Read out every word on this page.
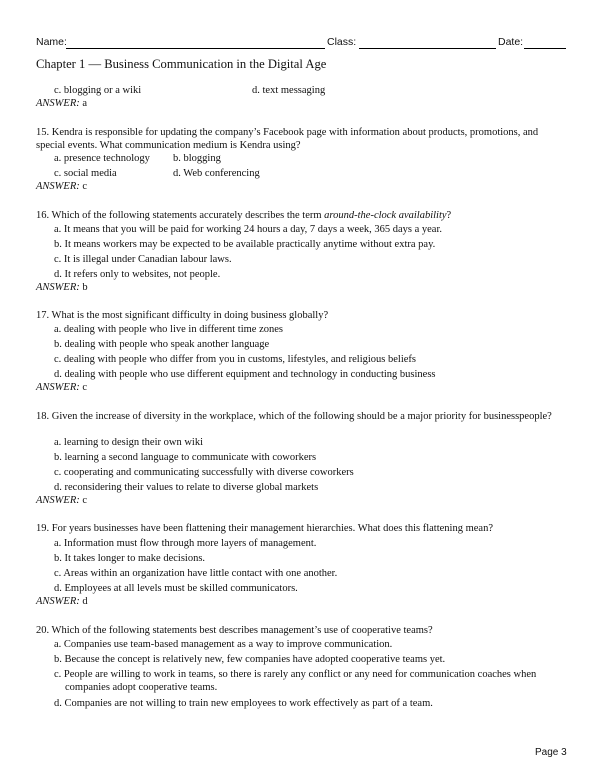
Name:	Class:	Date:
Chapter 1 — Business Communication in the Digital Age
c. blogging or a wiki	d. text messaging
ANSWER: a
15. Kendra is responsible for updating the company’s Facebook page with information about products, promotions, and special events. What communication medium is Kendra using?
a. presence technology b. blogging
c. social media	d. Web conferencing
ANSWER: c
16. Which of the following statements accurately describes the term around-the-clock availability?
a. It means that you will be paid for working 24 hours a day, 7 days a week, 365 days a year.
b. It means workers may be expected to be available practically anytime without extra pay.
c. It is illegal under Canadian labour laws.
d. It refers only to websites, not people.
ANSWER: b
17. What is the most significant difficulty in doing business globally?
a. dealing with people who live in different time zones
b. dealing with people who speak another language
c. dealing with people who differ from you in customs, lifestyles, and religious beliefs
d. dealing with people who use different equipment and technology in conducting business
ANSWER: c
18. Given the increase of diversity in the workplace, which of the following should be a major priority for businesspeople?
a. learning to design their own wiki
b. learning a second language to communicate with coworkers
c. cooperating and communicating successfully with diverse coworkers
d. reconsidering their values to relate to diverse global markets
ANSWER: c
19. For years businesses have been flattening their management hierarchies. What does this flattening mean?
a. Information must flow through more layers of management.
b. It takes longer to make decisions.
c. Areas within an organization have little contact with one another.
d. Employees at all levels must be skilled communicators.
ANSWER: d
20. Which of the following statements best describes management’s use of cooperative teams?
a. Companies use team-based management as a way to improve communication.
b. Because the concept is relatively new, few companies have adopted cooperative teams yet.
c. People are willing to work in teams, so there is rarely any conflict or any need for communication coaches when companies adopt cooperative teams.
d. Companies are not willing to train new employees to work effectively as part of a team.
Page 3
